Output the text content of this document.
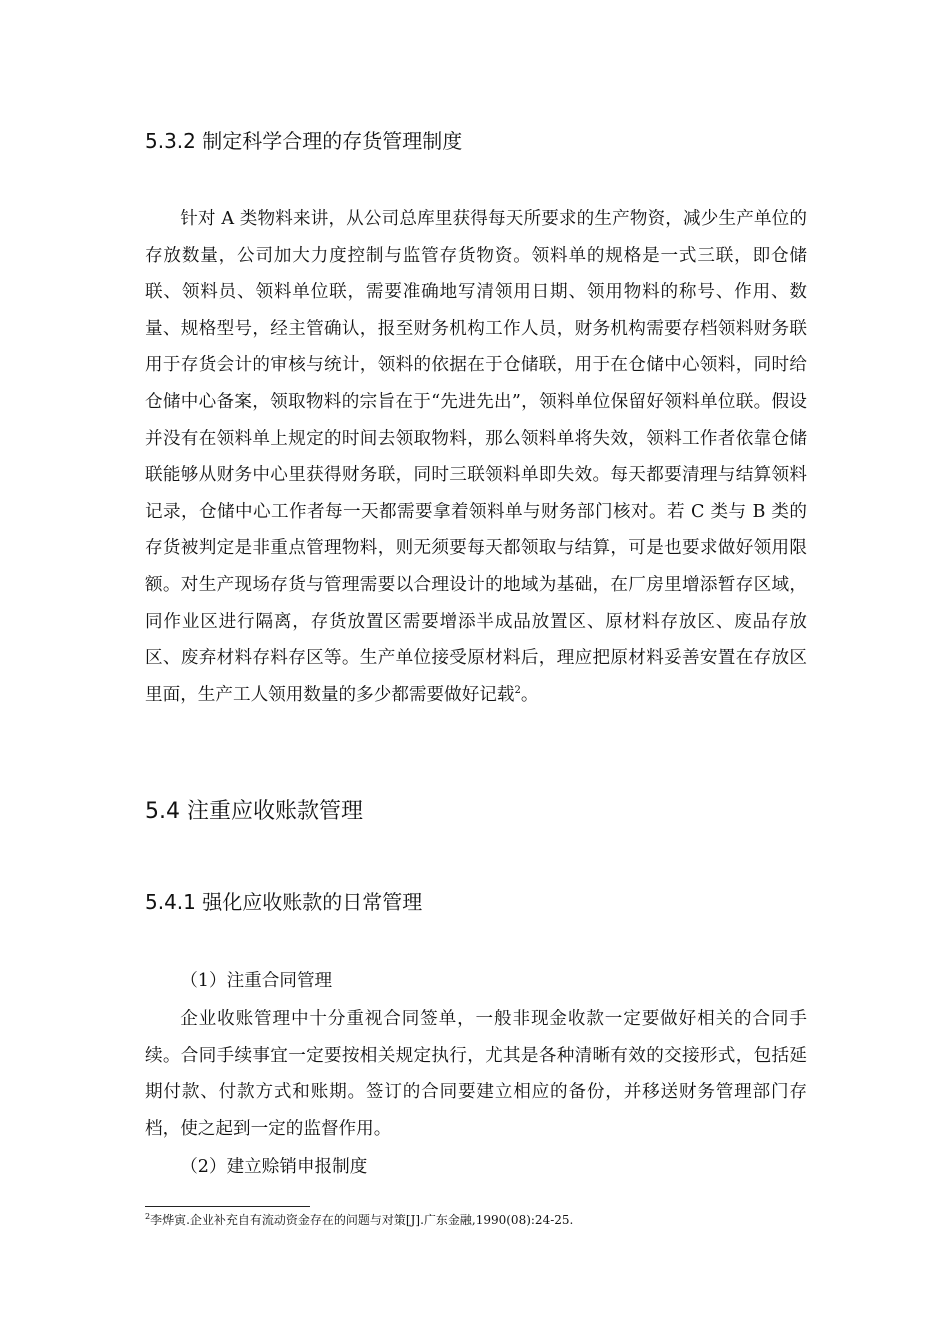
5.3.2 制定科学合理的存货管理制度

针对 A 类物料来讲，从公司总库里获得每天所要求的生产物资，减少生产单位的存放数量，公司加大力度控制与监管存货物资。领料单的规格是一式三联，即仓储联、领料员、领料单位联，需要准确地写清领用日期、领用物料的称号、作用、数量、规格型号，经主管确认，报至财务机构工作人员，财务机构需要存档领料财务联用于存货会计的审核与统计，领料的依据在于仓储联，用于在仓储中心领料，同时给仓储中心备案，领取物料的宗旨在于“先进先出”，领料单位保留好领料单位联。假设并没有在领料单上规定的时间去领取物料，那么领料单将失效，领料工作者依靠仓储联能够从财务中心里获得财务联，同时三联领料单即失效。每天都要清理与结算领料记录，仓储中心工作者每一天都需要拿着领料单与财务部门核对。若 C 类与 B 类的存货被判定是非重点管理物料，则无须要每天都领取与结算，可是也要求做好领用限额。对生产现场存货与管理需要以合理设计的地域为基础，在厂房里增添暂存区域，同作业区进行隔离，存货放置区需要增添半成品放置区、原材料存放区、废品存放区、废弃材料存料存区等。生产单位接受原材料后，理应把原材料妥善安置在存放区里面，生产工人领用数量的多少都需要做好记载$^2$。

5.4 注重应收账款管理
5.4.1 强化应收账款的日常管理
（1）注重合同管理

企业收账管理中十分重视合同签单，一般非现金收款一定要做好相关的合同手续。合同手续事宜一定要按相关规定执行，尤其是各种清晰有效的交接形式，包括延期付款、付款方式和账期。签订的合同要建立相应的备份，并移送财务管理部门存档，使之起到一定的监督作用。

（2）建立赊销申报制度
$^2$李烨寅.企业补充自有流动资金存在的问题与对策[J].广东金融,1990(08):24-25.
